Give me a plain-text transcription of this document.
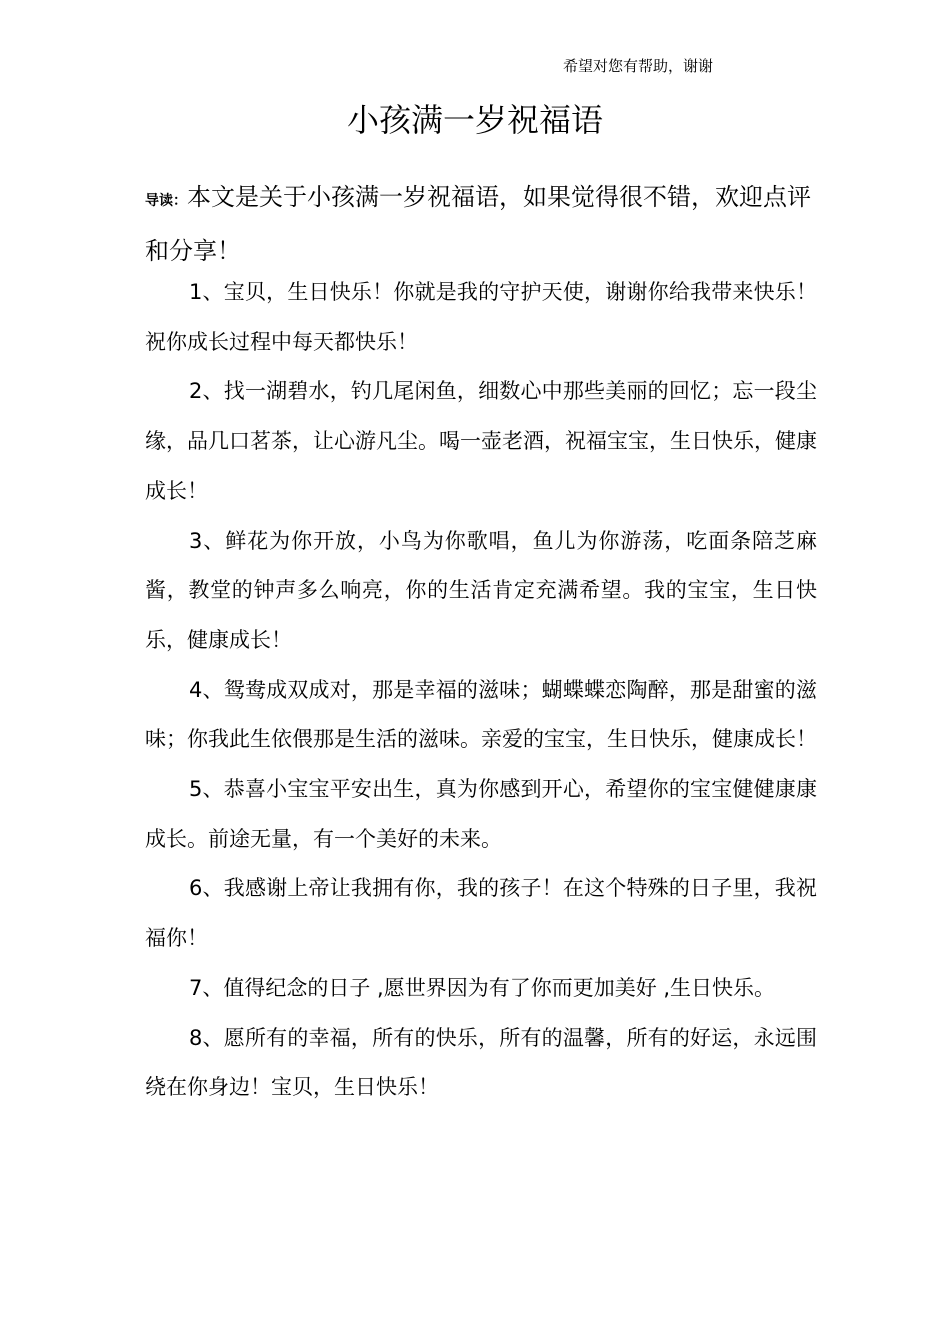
希望对您有帮助，谢谢
小孩满一岁祝福语

导读：本文是关于小孩满一岁祝福语，如果觉得很不错，欢迎点评和分享！

1、宝贝，生日快乐！你就是我的守护天使，谢谢你给我带来快乐！祝你成长过程中每天都快乐！

2、找一湖碧水，钓几尾闲鱼，细数心中那些美丽的回忆；忘一段尘缘，品几口茗茶，让心游凡尘。喝一壶老酒，祝福宝宝，生日快乐，健康成长！

3、鲜花为你开放，小鸟为你歌唱，鱼儿为你游荡，吃面条陪芝麻酱，教堂的钟声多么响亮，你的生活肯定充满希望。我的宝宝，生日快乐，健康成长！

4、鸳鸯成双成对，那是幸福的滋味；蝴蝶蝶恋陶醉，那是甜蜜的滋味；你我此生依偎那是生活的滋味。亲爱的宝宝，生日快乐，健康成长！

5、恭喜小宝宝平安出生，真为你感到开心，希望你的宝宝健健康康成长。前途无量，有一个美好的未来。

6、我感谢上帝让我拥有你，我的孩子！在这个特殊的日子里，我祝福你！

7、值得纪念的日子 ,愿世界因为有了你而更加美好 ,生日快乐。

8、愿所有的幸福，所有的快乐，所有的温馨，所有的好运，永远围绕在你身边！宝贝，生日快乐！
